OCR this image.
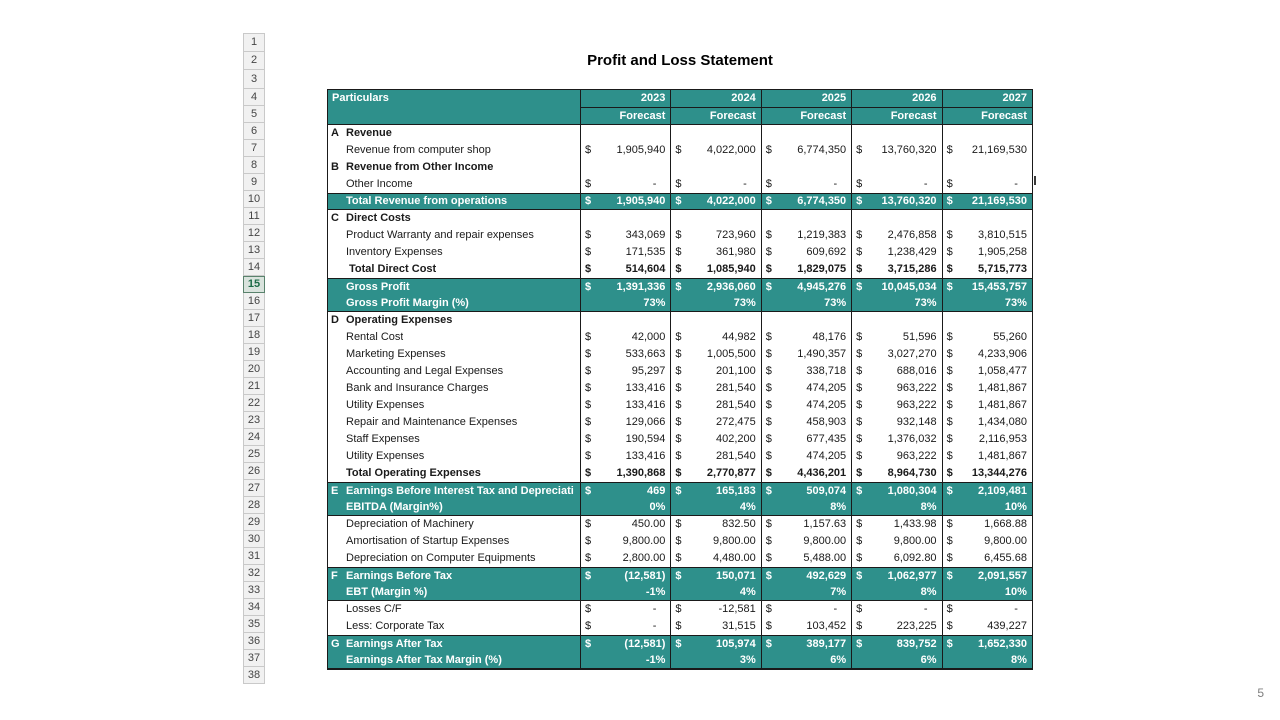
1
2
3
4
5
6
7
8
9
10
11
12
13
14
15
16
17
18
19
20
21
22
23
24
25
26
27
28
29
30
31
32
33
34
35
36
37
38
Profit and Loss Statement
Particulars	2023	2024	2025	2026	2027
Forecast	Forecast	Forecast	Forecast	Forecast
A Revenue
Revenue from computer shop	$ 1,905,940 $ 4,022,000 $ 6,774,350 $ 13,760,320 $ 21,169,530
B Revenue from Other Income
Other Income	$	-	$	-	$	-	$	-	$	-
Total Revenue from operations	$ 1,905,940 $ 4,022,000 $ 6,774,350 $ 13,760,320 $ 21,169,530
C Direct Costs
Product Warranty and repair expenses	$	343,069 $	723,960 $ 1,219,383 $ 2,476,858 $ 3,810,515
Inventory Expenses	$	171,535 $	361,980 $	609,692 $ 1,238,429 $ 1,905,258
Total Direct Cost	$	514,604 $ 1,085,940 $ 1,829,075 $ 3,715,286 $ 5,715,773
Gross Profit	$ 1,391,336 $ 2,936,060 $ 4,945,276 $ 10,045,034 $ 15,453,757
Gross Profit Margin (%)	73%	73%	73%	73%	73%
D Operating Expenses
Rental Cost	$	42,000 $	44,982 $	48,176 $	51,596 $	55,260
Marketing Expenses	$	533,663 $ 1,005,500 $ 1,490,357 $ 3,027,270 $ 4,233,906
Accounting and Legal Expenses	$	95,297 $	201,100 $	338,718 $	688,016 $ 1,058,477
Bank and Insurance Charges	$	133,416 $	281,540 $	474,205 $	963,222 $ 1,481,867
Utility Expenses	$	133,416 $	281,540 $	474,205 $	963,222 $ 1,481,867
Repair and Maintenance Expenses	$	129,066 $	272,475 $	458,903 $	932,148 $ 1,434,080
Staff Expenses	$	190,594 $	402,200 $	677,435 $ 1,376,032 $ 2,116,953
Utility Expenses	$	133,416 $	281,540 $	474,205 $	963,222 $ 1,481,867
Total Operating Expenses	$ 1,390,868 $ 2,770,877 $ 4,436,201 $ 8,964,730 $ 13,344,276
E Earnings Before Interest Tax and Depreciati $	469 $	165,183 $	509,074 $ 1,080,304 $ 2,109,481
EBITDA (Margin%)	0%	4%	8%	8%	10%
Depreciation of Machinery	$	450.00 $	832.50 $	1,157.63 $	1,433.98 $	1,668.88
Amortisation of Startup Expenses	$	9,800.00 $	9,800.00 $	9,800.00 $	9,800.00 $	9,800.00
Depreciation on Computer Equipments	$	2,800.00 $	4,480.00 $	5,488.00 $	6,092.80 $	6,455.68
F Earnings Before Tax	$	(12,581) $	150,071 $	492,629 $ 1,062,977 $ 2,091,557
EBT (Margin %)	-1%	4%	7%	8%	10%
Losses C/F	$	-	$	-12,581 $	-	$	-	$	-
Less: Corporate Tax	$	-	$	31,515 $	103,452 $	223,225 $	439,227
G Earnings After Tax	$	(12,581) $	105,974 $	389,177 $	839,752 $ 1,652,330
Earnings After Tax Margin (%)	-1%	3%	6%	6%	8%
5
